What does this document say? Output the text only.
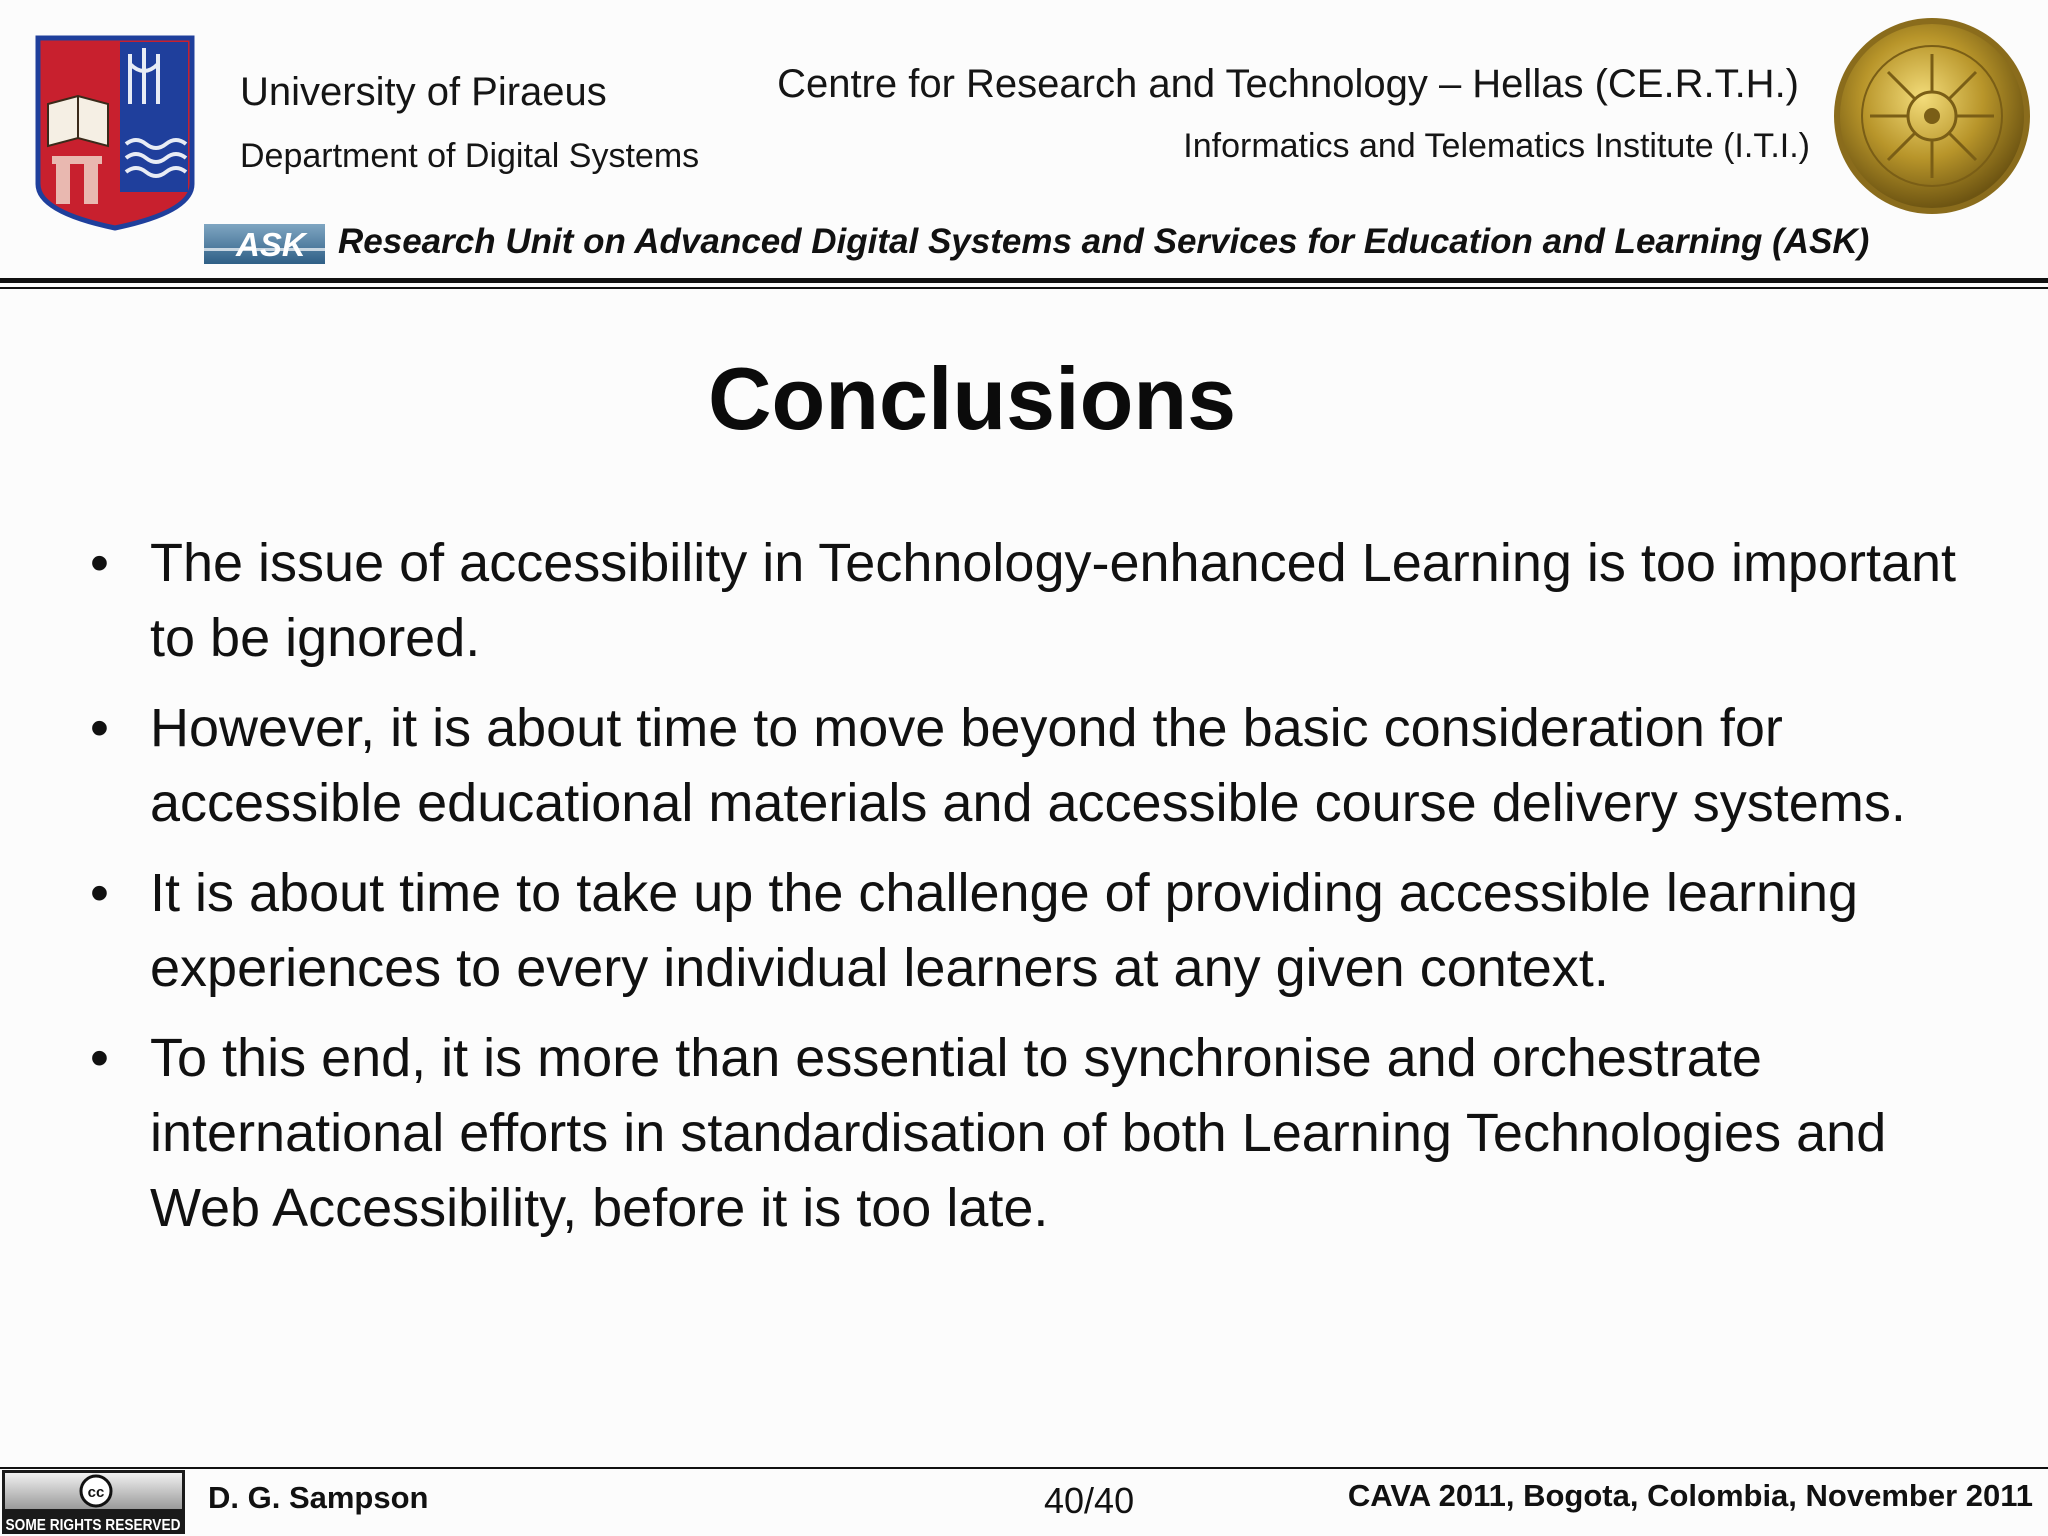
University of Piraeus
Department of Digital Systems
Centre for Research and Technology – Hellas (CE.R.T.H.)
Informatics and Telematics Institute (I.T.I.)
ASK Research Unit on Advanced Digital Systems and Services for Education and Learning (ASK)
Conclusions
• The issue of accessibility in Technology-enhanced Learning is too important to be ignored.
• However, it is about time to move beyond the basic consideration for accessible educational materials and accessible course delivery systems.
• It is about time to take up the challenge of providing accessible learning experiences to every individual learners at any given context.
• To this end, it is more than essential to synchronise and orchestrate international efforts in standardisation of both Learning Technologies and Web Accessibility, before it is too late.
cc
SOME RIGHTS RESERVED
D. G. Sampson	40/40	CAVA 2011, Bogota, Colombia, November 2011
